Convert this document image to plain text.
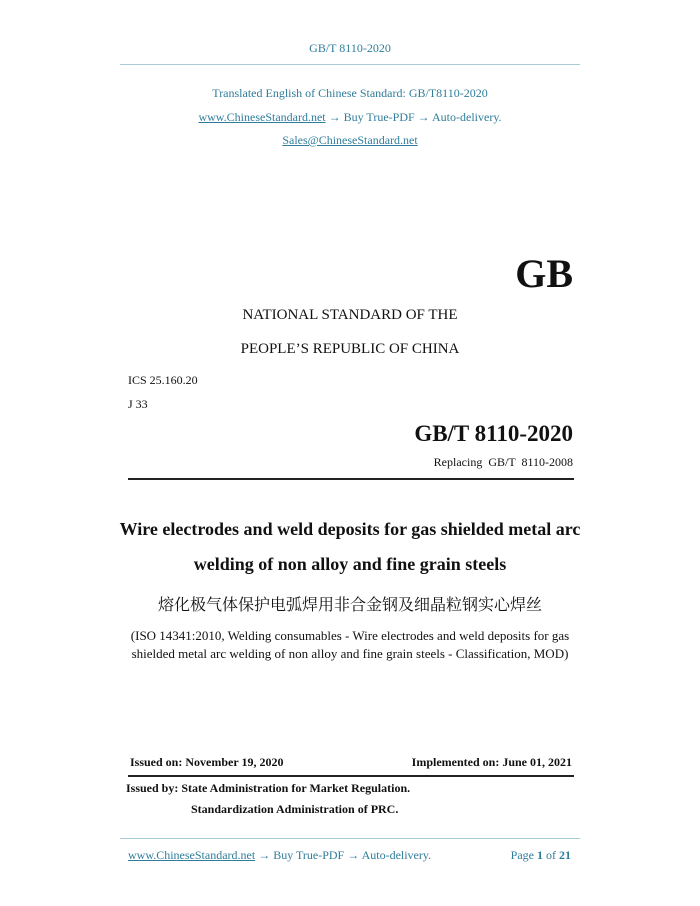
GB/T 8110-2020
Translated English of Chinese Standard: GB/T8110-2020
www.ChineseStandard.net → Buy True-PDF → Auto-delivery.
Sales@ChineseStandard.net
GB
NATIONAL STANDARD OF THE
PEOPLE’S REPUBLIC OF CHINA
ICS 25.160.20
J 33
GB/T 8110-2020
Replacing  GB/T  8110-2008
Wire electrodes and weld deposits for gas shielded metal arc
welding of non alloy and fine grain steels
熔化极气体保护电弧焊用非合金钢及细晶粒钢实心焊丝
(ISO 14341:2010, Welding consumables - Wire electrodes and weld deposits for gas
shielded metal arc welding of non alloy and fine grain steels - Classification, MOD)
Issued on: November 19, 2020	Implemented on: June 01, 2021
Issued by: State Administration for Market Regulation.
Standardization Administration of PRC.
www.ChineseStandard.net → Buy True-PDF → Auto-delivery.	Page 1 of 21
